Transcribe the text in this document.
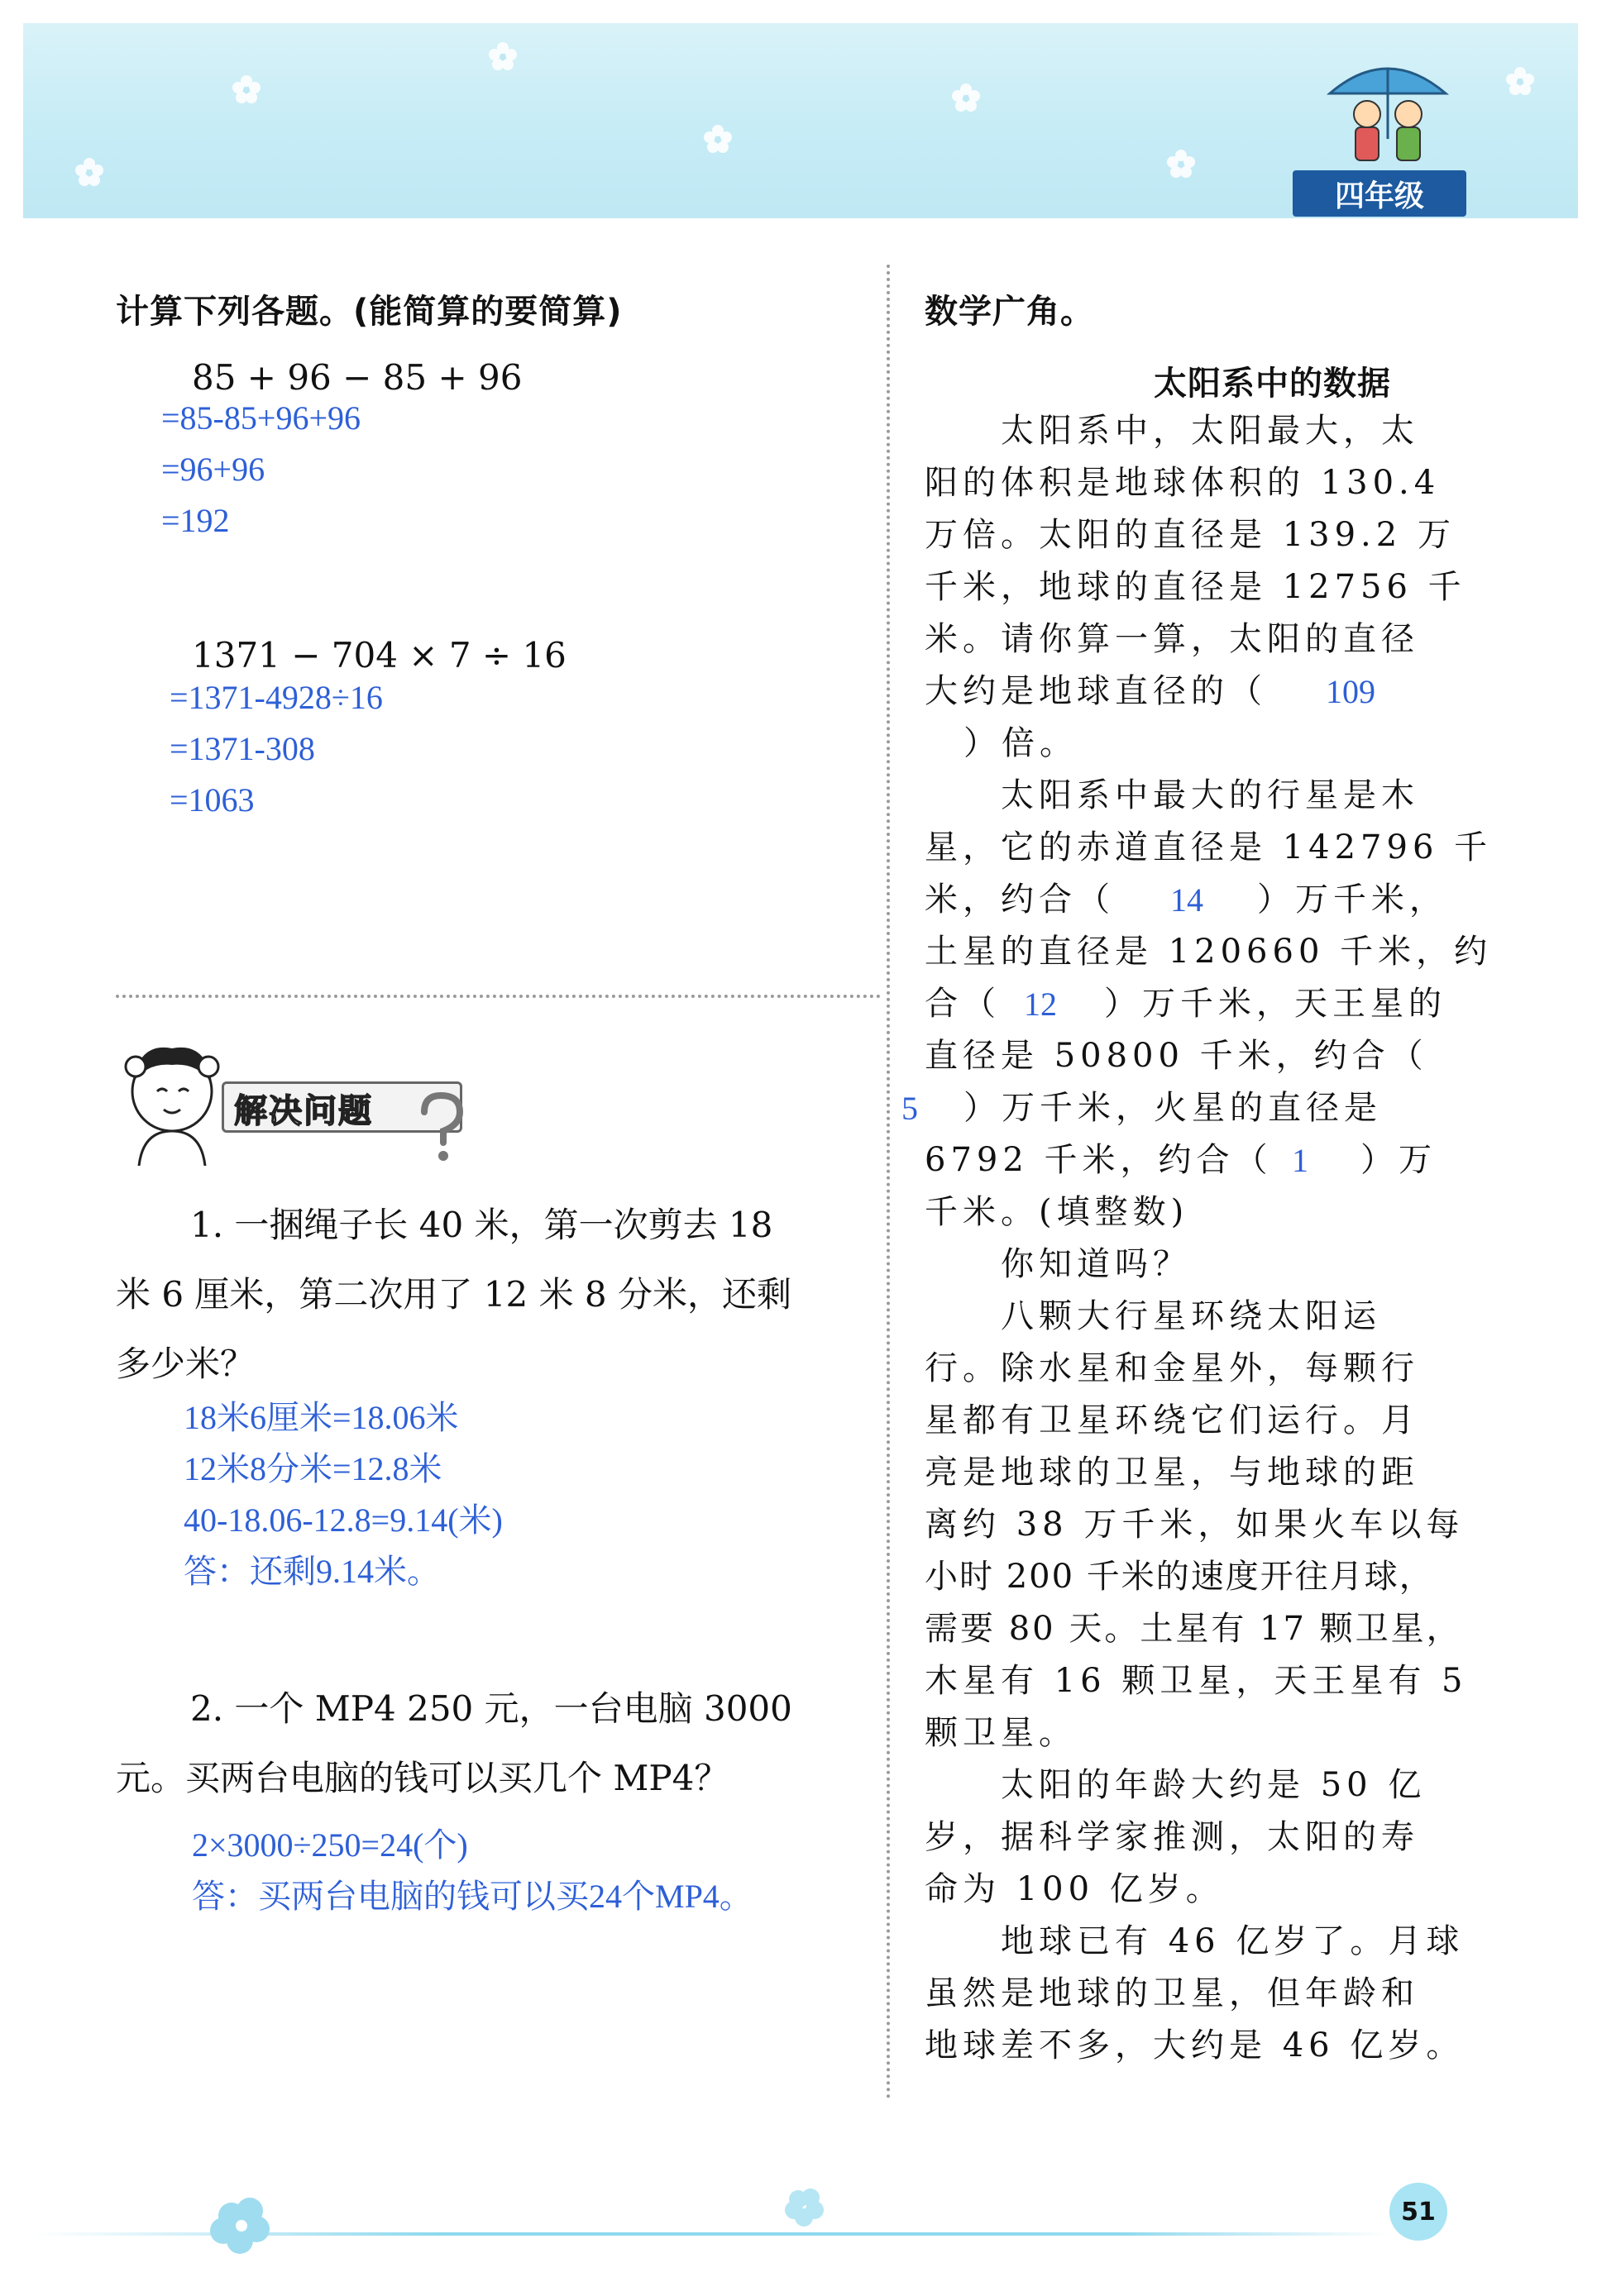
四年级
计算下列各题。(能简算的要简算)
85 + 96 − 85 + 96
=85-85+96+96
=96+96
=192
1371 − 704 × 7 ÷ 16
=1371-4928÷16
=1371-308
=1063
解决问题
1. 一捆绳子长 40 米，第一次剪去 18
米 6 厘米，第二次用了 12 米 8 分米，还剩
多少米？
18米6厘米=18.06米
12米8分米=12.8米
40-18.06-12.8=9.14(米)
答：还剩9.14米。
2. 一个 MP4 250 元，一台电脑 3000
元。买两台电脑的钱可以买几个 MP4？
2×3000÷250=24(个)
答：买两台电脑的钱可以买24个MP4。
数学广角。
太阳系中的数据
太阳系中，太阳最大，太
阳的体积是地球体积的 130.4
万倍。太阳的直径是 139.2 万
千米，地球的直径是 12756 千
米。请你算一算，太阳的直径
大约是地球直径的（ 109
）倍。
太阳系中最大的行星是木
星，它的赤道直径是 142796 千
米，约合（ 14 ）万千米，
土星的直径是 120660 千米，约
合（ 12 ）万千米，天王星的
直径是 50800 千米，约合（
5 ）万千米，火星的直径是
6792 千米，约合（ 1 ）万
千米。(填整数)
你知道吗？
八颗大行星环绕太阳运
行。除水星和金星外，每颗行
星都有卫星环绕它们运行。月
亮是地球的卫星，与地球的距
离约 38 万千米，如果火车以每
小时 200 千米的速度开往月球，
需要 80 天。土星有 17 颗卫星，
木星有 16 颗卫星，天王星有 5
颗卫星。
太阳的年龄大约是 50 亿
岁，据科学家推测，太阳的寿
命为 100 亿岁。
地球已有 46 亿岁了。月球
虽然是地球的卫星，但年龄和
地球差不多，大约是 46 亿岁。
51
